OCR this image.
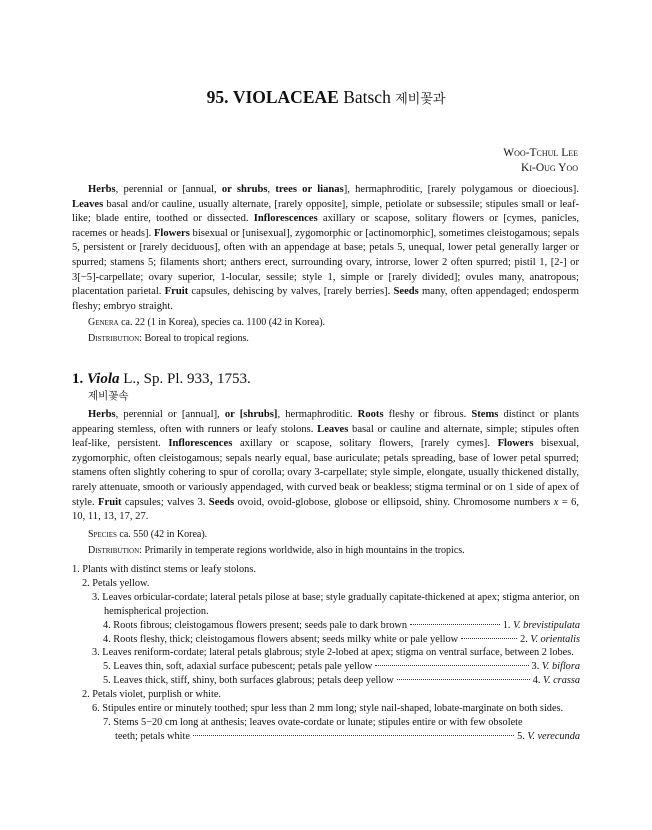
95. VIOLACEAE Batsch 제비꽃과
Woo-Tchul Lee
Ki-Oug Yoo

Herbs, perennial or [annual, or shrubs, trees or lianas], hermaphroditic, [rarely polygamous or dioecious]. Leaves basal and/or cauline, usually alternate, [rarely opposite], simple, petiolate or subsessile; stipules small or leaf-like; blade entire, toothed or dissected. Inflorescences axillary or scapose, solitary flowers or [cymes, panicles, racemes or heads]. Flowers bisexual or [unisexual], zygomorphic or [actinomorphic], sometimes cleistogamous; sepals 5, persistent or [rarely deciduous], often with an appendage at base; petals 5, unequal, lower petal generally larger or spurred; stamens 5; filaments short; anthers erect, surrounding ovary, introrse, lower 2 often spurred; pistil 1, [2-] or 3[−5]-carpellate; ovary superior, 1-locular, sessile; style 1, simple or [rarely divided]; ovules many, anatropous; placentation parietal. Fruit capsules, dehiscing by valves, [rarely berries]. Seeds many, often appendaged; endosperm fleshy; embryo straight.

Genera ca. 22 (1 in Korea), species ca. 1100 (42 in Korea).
Distribution: Boreal to tropical regions.
1. Viola L., Sp. Pl. 933, 1753.
제비꽃속

Herbs, perennial or [annual], or [shrubs], hermaphroditic. Roots fleshy or fibrous. Stems distinct or plants appearing stemless, often with runners or leafy stolons. Leaves basal or cauline and alternate, simple; stipules often leaf-like, persistent. Inflorescences axillary or scapose, solitary flowers, [rarely cymes]. Flowers bisexual, zygomorphic, often cleistogamous; sepals nearly equal, base auriculate; petals spreading, base of lower petal spurred; stamens often slightly cohering to spur of corolla; ovary 3-carpellate; style simple, elongate, usually thickened distally, rarely attenuate, smooth or variously appendaged, with curved beak or beakless; stigma terminal or on 1 side of apex of style. Fruit capsules; valves 3. Seeds ovoid, ovoid-globose, globose or ellipsoid, shiny. Chromosome numbers x = 6, 10, 11, 13, 17, 27.

Species ca. 550 (42 in Korea).
Distribution: Primarily in temperate regions worldwide, also in high mountains in the tropics.
1. Plants with distinct stems or leafy stolons.
2. Petals yellow.
3. Leaves orbicular-cordate; lateral petals pilose at base; style gradually capitate-thickened at apex; stigma anterior, on hemispherical projection.
4. Roots fibrous; cleistogamous flowers present; seeds pale to dark brown	1. V. brevistipulata
4. Roots fleshy, thick; cleistogamous flowers absent; seeds milky white or pale yellow	2. V. orientalis
3. Leaves reniform-cordate; lateral petals glabrous; style 2-lobed at apex; stigma on ventral surface, between 2 lobes.
5. Leaves thin, soft, adaxial surface pubescent; petals pale yellow	3. V. biflora
5. Leaves thick, stiff, shiny, both surfaces glabrous; petals deep yellow	4. V. crassa
2. Petals violet, purplish or white.
6. Stipules entire or minutely toothed; spur less than 2 mm long; style nail-shaped, lobate-marginate on both sides.
7. Stems 5−20 cm long at anthesis; leaves ovate-cordate or lunate; stipules entire or with few obsolete
teeth; petals white	5. V. verecunda
